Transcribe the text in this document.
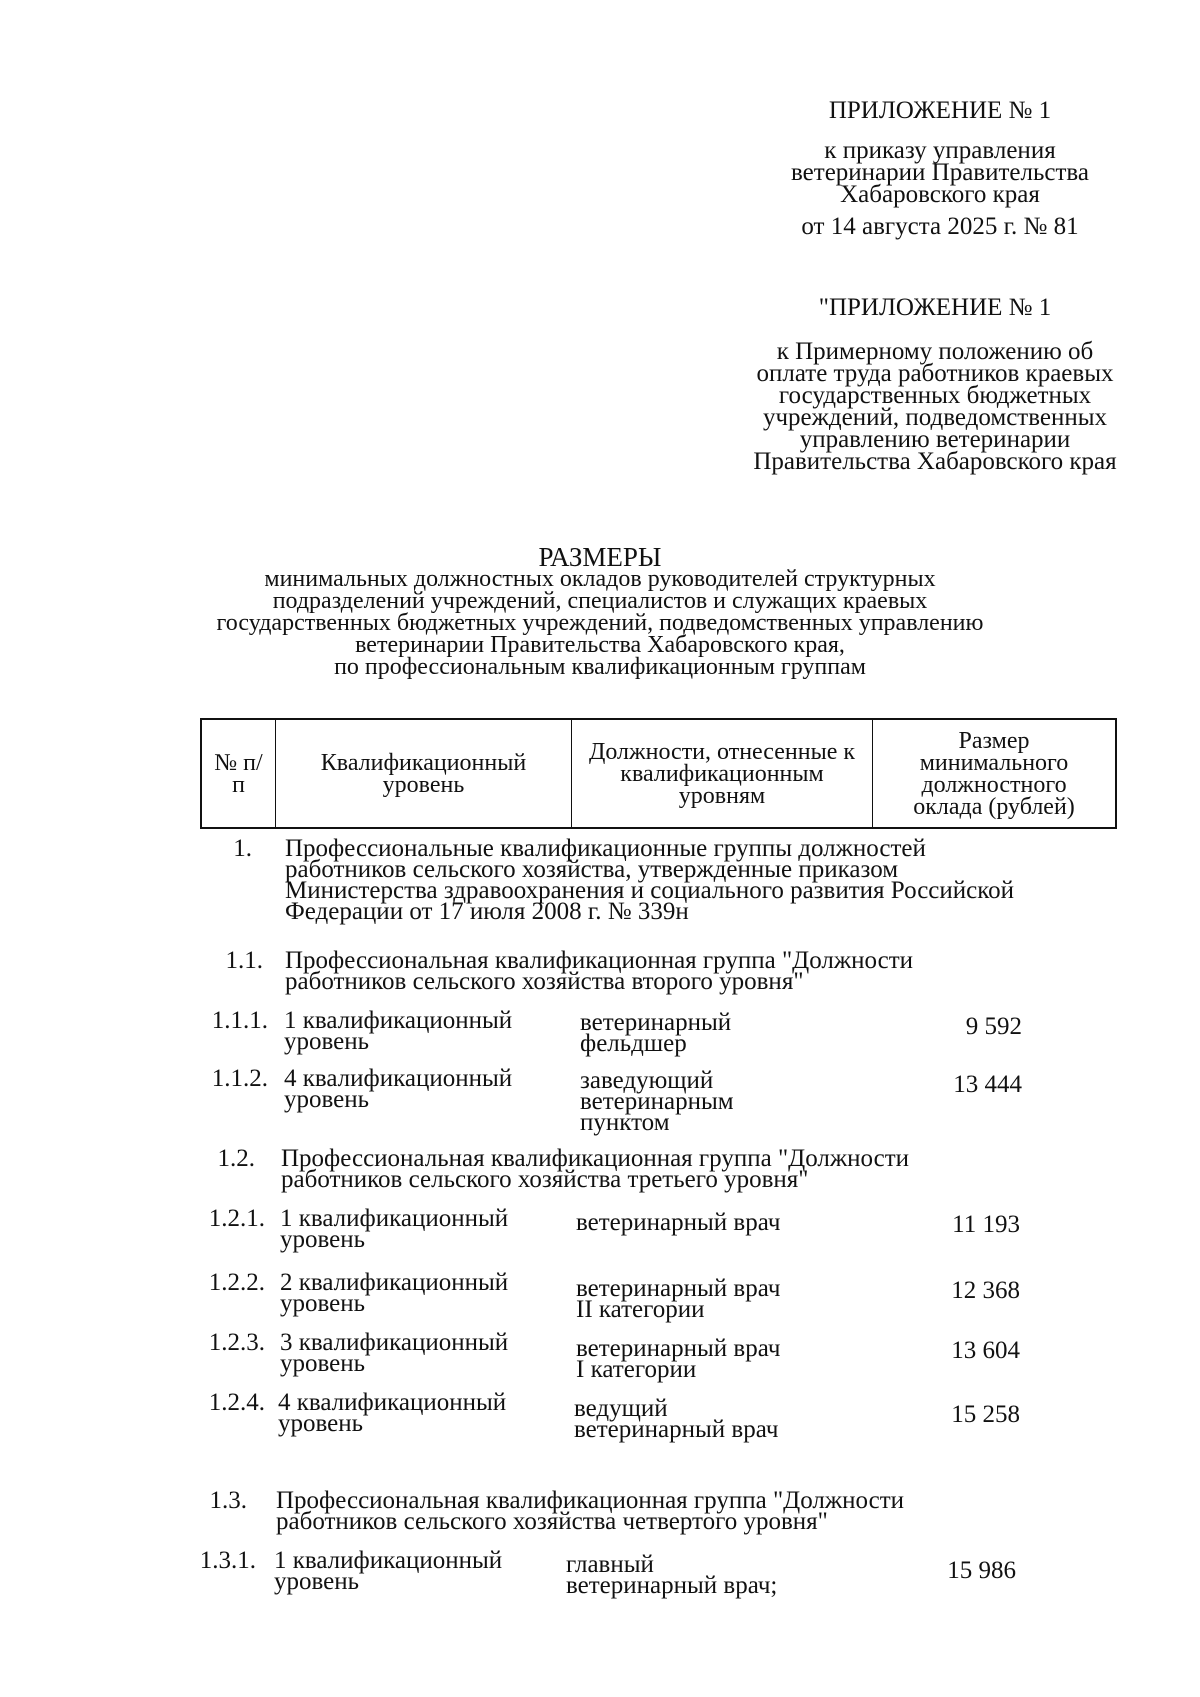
ПРИЛОЖЕНИЕ № 1
к приказу управления
ветеринарии Правительства
Хабаровского края
от 14 августа 2025 г. № 81
"ПРИЛОЖЕНИЕ № 1
к Примерному положению об
оплате труда работников краевых
государственных бюджетных
учреждений, подведомственных
управлению ветеринарии
Правительства Хабаровского края
РАЗМЕРЫ
минимальных должностных окладов руководителей структурных
подразделений учреждений, специалистов и служащих краевых
государственных бюджетных учреждений, подведомственных управлению
ветеринарии Правительства Хабаровского края,
по профессиональным квалификационным группам
№ п/п
Квалификационный уровень
Должности, отнесенные к квалификационным уровням
Размер минимального должностного оклада (рублей)
1. Профессиональные квалификационные группы должностей
работников сельского хозяйства, утвержденные приказом
Министерства здравоохранения и социального развития Российской
Федерации от 17 июля 2008 г. № 339н
1.1. Профессиональная квалификационная группа "Должности
работников сельского хозяйства второго уровня"
1.1.1. 1 квалификационный
уровень
ветеринарный
фельдшер
9 592
1.1.2. 4 квалификационный
уровень
заведующий
ветеринарным
пунктом
13 444
1.2. Профессиональная квалификационная группа "Должности
работников сельского хозяйства третьего уровня"
1.2.1. 1 квалификационный
уровень
ветеринарный врач	11 193
1.2.2. 2 квалификационный
уровень
ветеринарный врач
II категории
12 368
1.2.3. 3 квалификационный
уровень
ветеринарный врач
I категории
13 604
1.2.4. 4 квалификационный
уровень
ведущий
ветеринарный врач
15 258
1.3. Профессиональная квалификационная группа "Должности
работников сельского хозяйства четвертого уровня"
1.3.1. 1 квалификационный
уровень
главный
ветеринарный врач;
15 986
